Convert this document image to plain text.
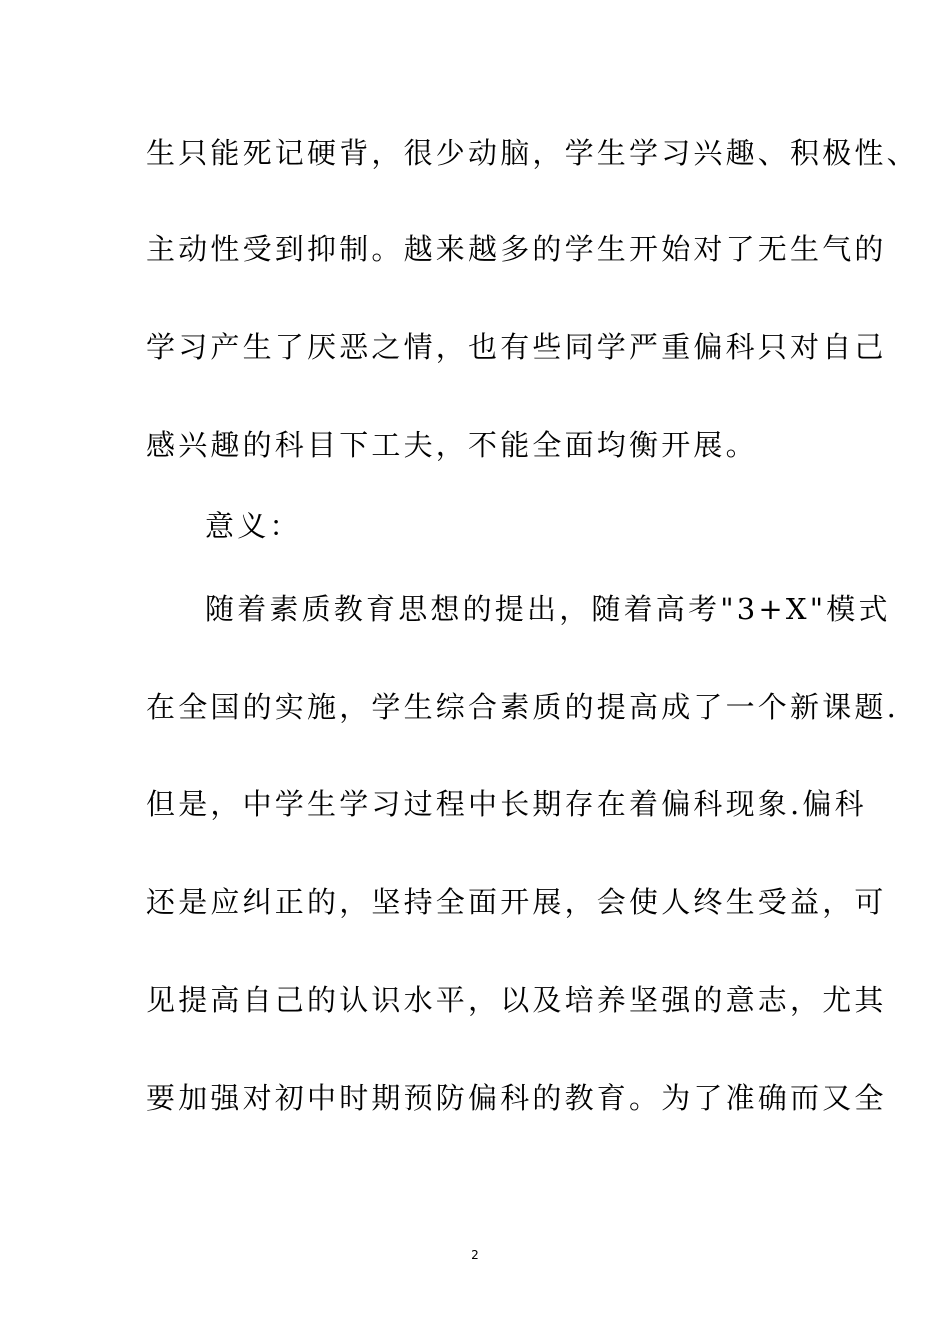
生只能死记硬背，很少动脑，学生学习兴趣、积极性、
主动性受到抑制。越来越多的学生开始对了无生气的
学习产生了厌恶之情，也有些同学严重偏科只对自己
感兴趣的科目下工夫，不能全面均衡开展。
意义：
随着素质教育思想的提出，随着高考"3+X"模式
在全国的实施，学生综合素质的提高成了一个新课题.
但是，中学生学习过程中长期存在着偏科现象.偏科
还是应纠正的，坚持全面开展，会使人终生受益，可
见提高自己的认识水平，以及培养坚强的意志，尤其
要加强对初中时期预防偏科的教育。为了准确而又全
2
